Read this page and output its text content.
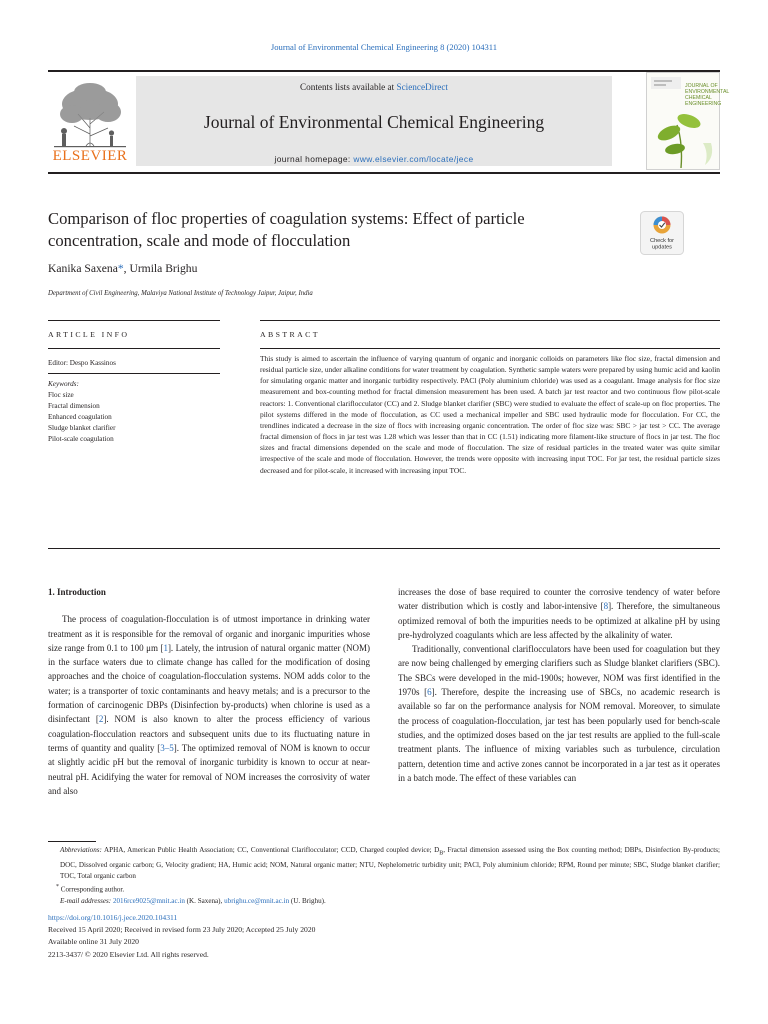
Journal of Environmental Chemical Engineering 8 (2020) 104311
ELSEVIER
Contents lists available at ScienceDirect
Journal of Environmental Chemical Engineering
journal homepage: www.elsevier.com/locate/jece
JOURNAL OF
ENVIRONMENTAL
CHEMICAL
ENGINEERING
Comparison of floc properties of coagulation systems: Effect of particle concentration, scale and mode of flocculation	Check for
updates
Kanika Saxena*, Urmila Brighu
Department of Civil Engineering, Malaviya National Institute of Technology Jaipur, Jaipur, India
ARTICLE INFO	ABSTRACT
Editor: Despo Kassinos
Keywords:
Floc size
Fractal dimension
Enhanced coagulation
Sludge blanket clarifier
Pilot-scale coagulation
This study is aimed to ascertain the influence of varying quantum of organic and inorganic colloids on parameters like floc size, fractal dimension and residual particle size, under alkaline conditions for water treatment by coagulation. Synthetic sample waters were prepared by using humic acid and kaolin for simulating organic matter and inorganic turbidity respectively. PACl (Poly aluminium chloride) was used as a coagulant. Image analysis for floc size measurement and box-counting method for fractal dimension measurement has been used. A batch jar test reactor and two continuous flow pilot-scale reactors: 1. Conventional clariflocculator (CC) and 2. Sludge blanket clarifier (SBC) were studied to evaluate the effect of scale-up on floc properties. The pilot systems differed in the mode of flocculation, as CC used a mechanical impeller and SBC used hydraulic mode for flocculation. For CC, the trendlines indicated a decrease in the size of flocs with increasing organic concentration. The order of floc size was: SBC > jar test > CC. The average fractal dimension of flocs in jar test was 1.28 which was lesser than that in CC (1.51) indicating more filament-like structure of flocs in jar test. The floc sizes and fractal dimensions depended on the scale and mode of flocculation. The size of residual particles in the treated water was quite similar irrespective of the scale and mode of flocculation. However, the trends were opposite with increasing input TOC. For jar test, the residual particle sizes decreased and for pilot-scale, it increased with increasing input TOC.

1. Introduction

The process of coagulation-flocculation is of utmost importance in drinking water treatment as it is responsible for the removal of organic and inorganic impurities whose size range from 0.1 to 100 μm [1]. Lately, the intrusion of natural organic matter (NOM) in the surface waters due to climate change has called for the modification of dosing approaches and the choice of coagulation-flocculation systems. NOM adds color to the water; is a transporter of toxic contaminants and heavy metals; and is a precursor to the formation of carcinogenic DBPs (Disinfection by-products) when chlorine is used as a disinfectant [2]. NOM is also known to alter the process efficiency of various coagulation-flocculation reactors and subsequent units due to its fluctuating nature in terms of quantity and quality [3–5]. The optimized removal of NOM is known to occur at slightly acidic pH but the removal of inorganic turbidity is known to occur at near-neutral pH. Acidifying the water for removal of NOM increases the corrosivity of water and also

increases the dose of base required to counter the corrosive tendency of water before water distribution which is costly and labor-intensive [8]. Therefore, the simultaneous optimized removal of both the impurities needs to be optimized at alkaline pH by using pre-hydrolyzed coagulants which are less affected by the alkalinity of water.

Traditionally, conventional clariflocculators have been used for coagulation but they are now being challenged by emerging clarifiers such as Sludge blanket clarifiers (SBC). The SBCs were developed in the mid-1900s; however, NOM was first identified in the 1970s [6]. Therefore, despite the increasing use of SBCs, no academic research is available so far on the performance analysis for NOM removal. Moreover, to simulate the process of coagulation-flocculation, jar test has been popularly used for bench-scale studies, and the optimized doses based on the jar test results are applied to the full-scale treatment plants. The influence of mixing variables such as turbulence, circulation pattern, detention time and active zones cannot be incorporated in a jar test as it operates in a batch mode. The effect of these variables can

Abbreviations: APHA, American Public Health Association; CC, Conventional Clariflocculator; CCD, Charged coupled device; $D_B$, Fractal dimension assessed using the Box counting method; DBPs, Disinfection By-products; DOC, Dissolved organic carbon; G, Velocity gradient; HA, Humic acid; NOM, Natural organic matter; NTU, Nephelometric turbidity unit; PACl, Poly aluminium chloride; RPM, Round per minute; SBC, Sludge blanket clarifier; TOC, Total organic carbon
* Corresponding author.
E-mail addresses: 2016rce9025@mnit.ac.in (K. Saxena), ubrighu.ce@mnit.ac.in (U. Brighu).
https://doi.org/10.1016/j.jece.2020.104311
Received 15 April 2020; Received in revised form 23 July 2020; Accepted 25 July 2020
Available online 31 July 2020
2213-3437/ © 2020 Elsevier Ltd. All rights reserved.
